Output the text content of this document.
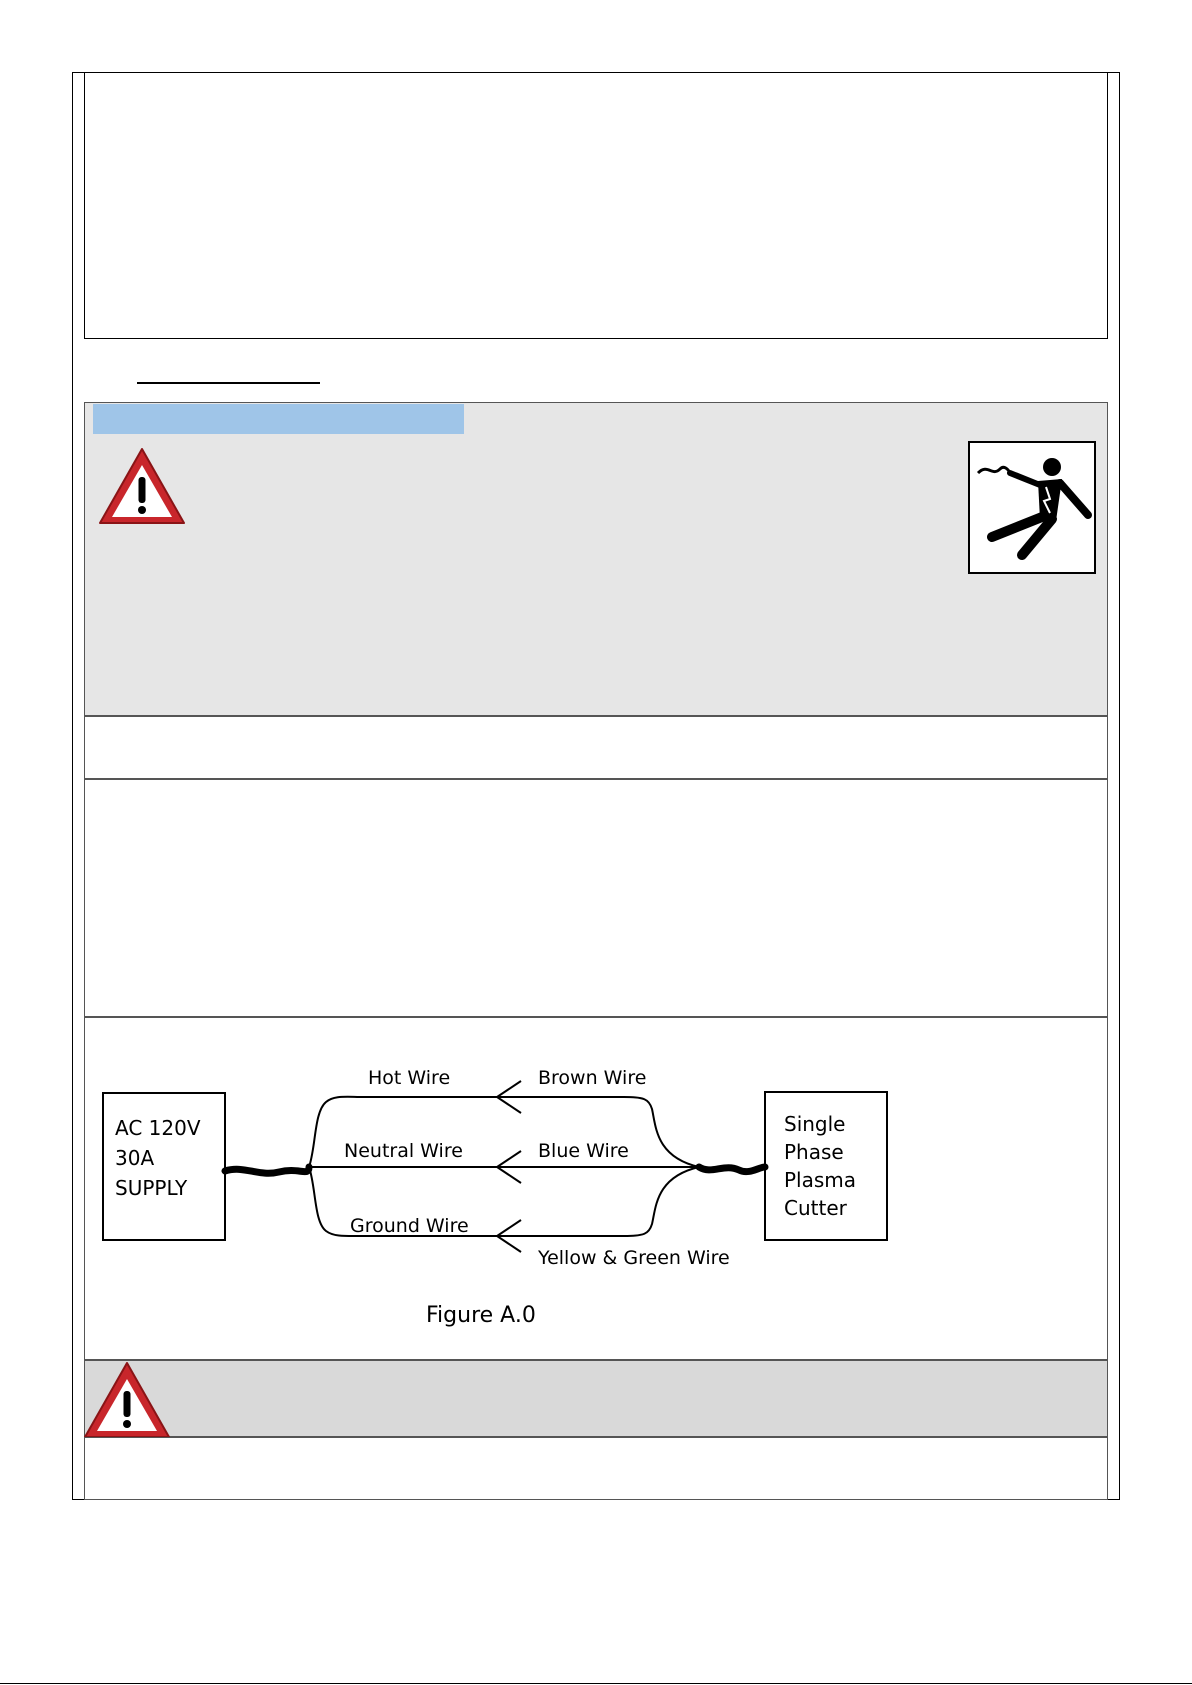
AC 120V
30A
SUPPLY
Single
Phase
Plasma
Cutter
Hot Wire	Brown Wire
Neutral Wire	Blue Wire
Ground Wire
Yellow & Green Wire
Figure A.0
